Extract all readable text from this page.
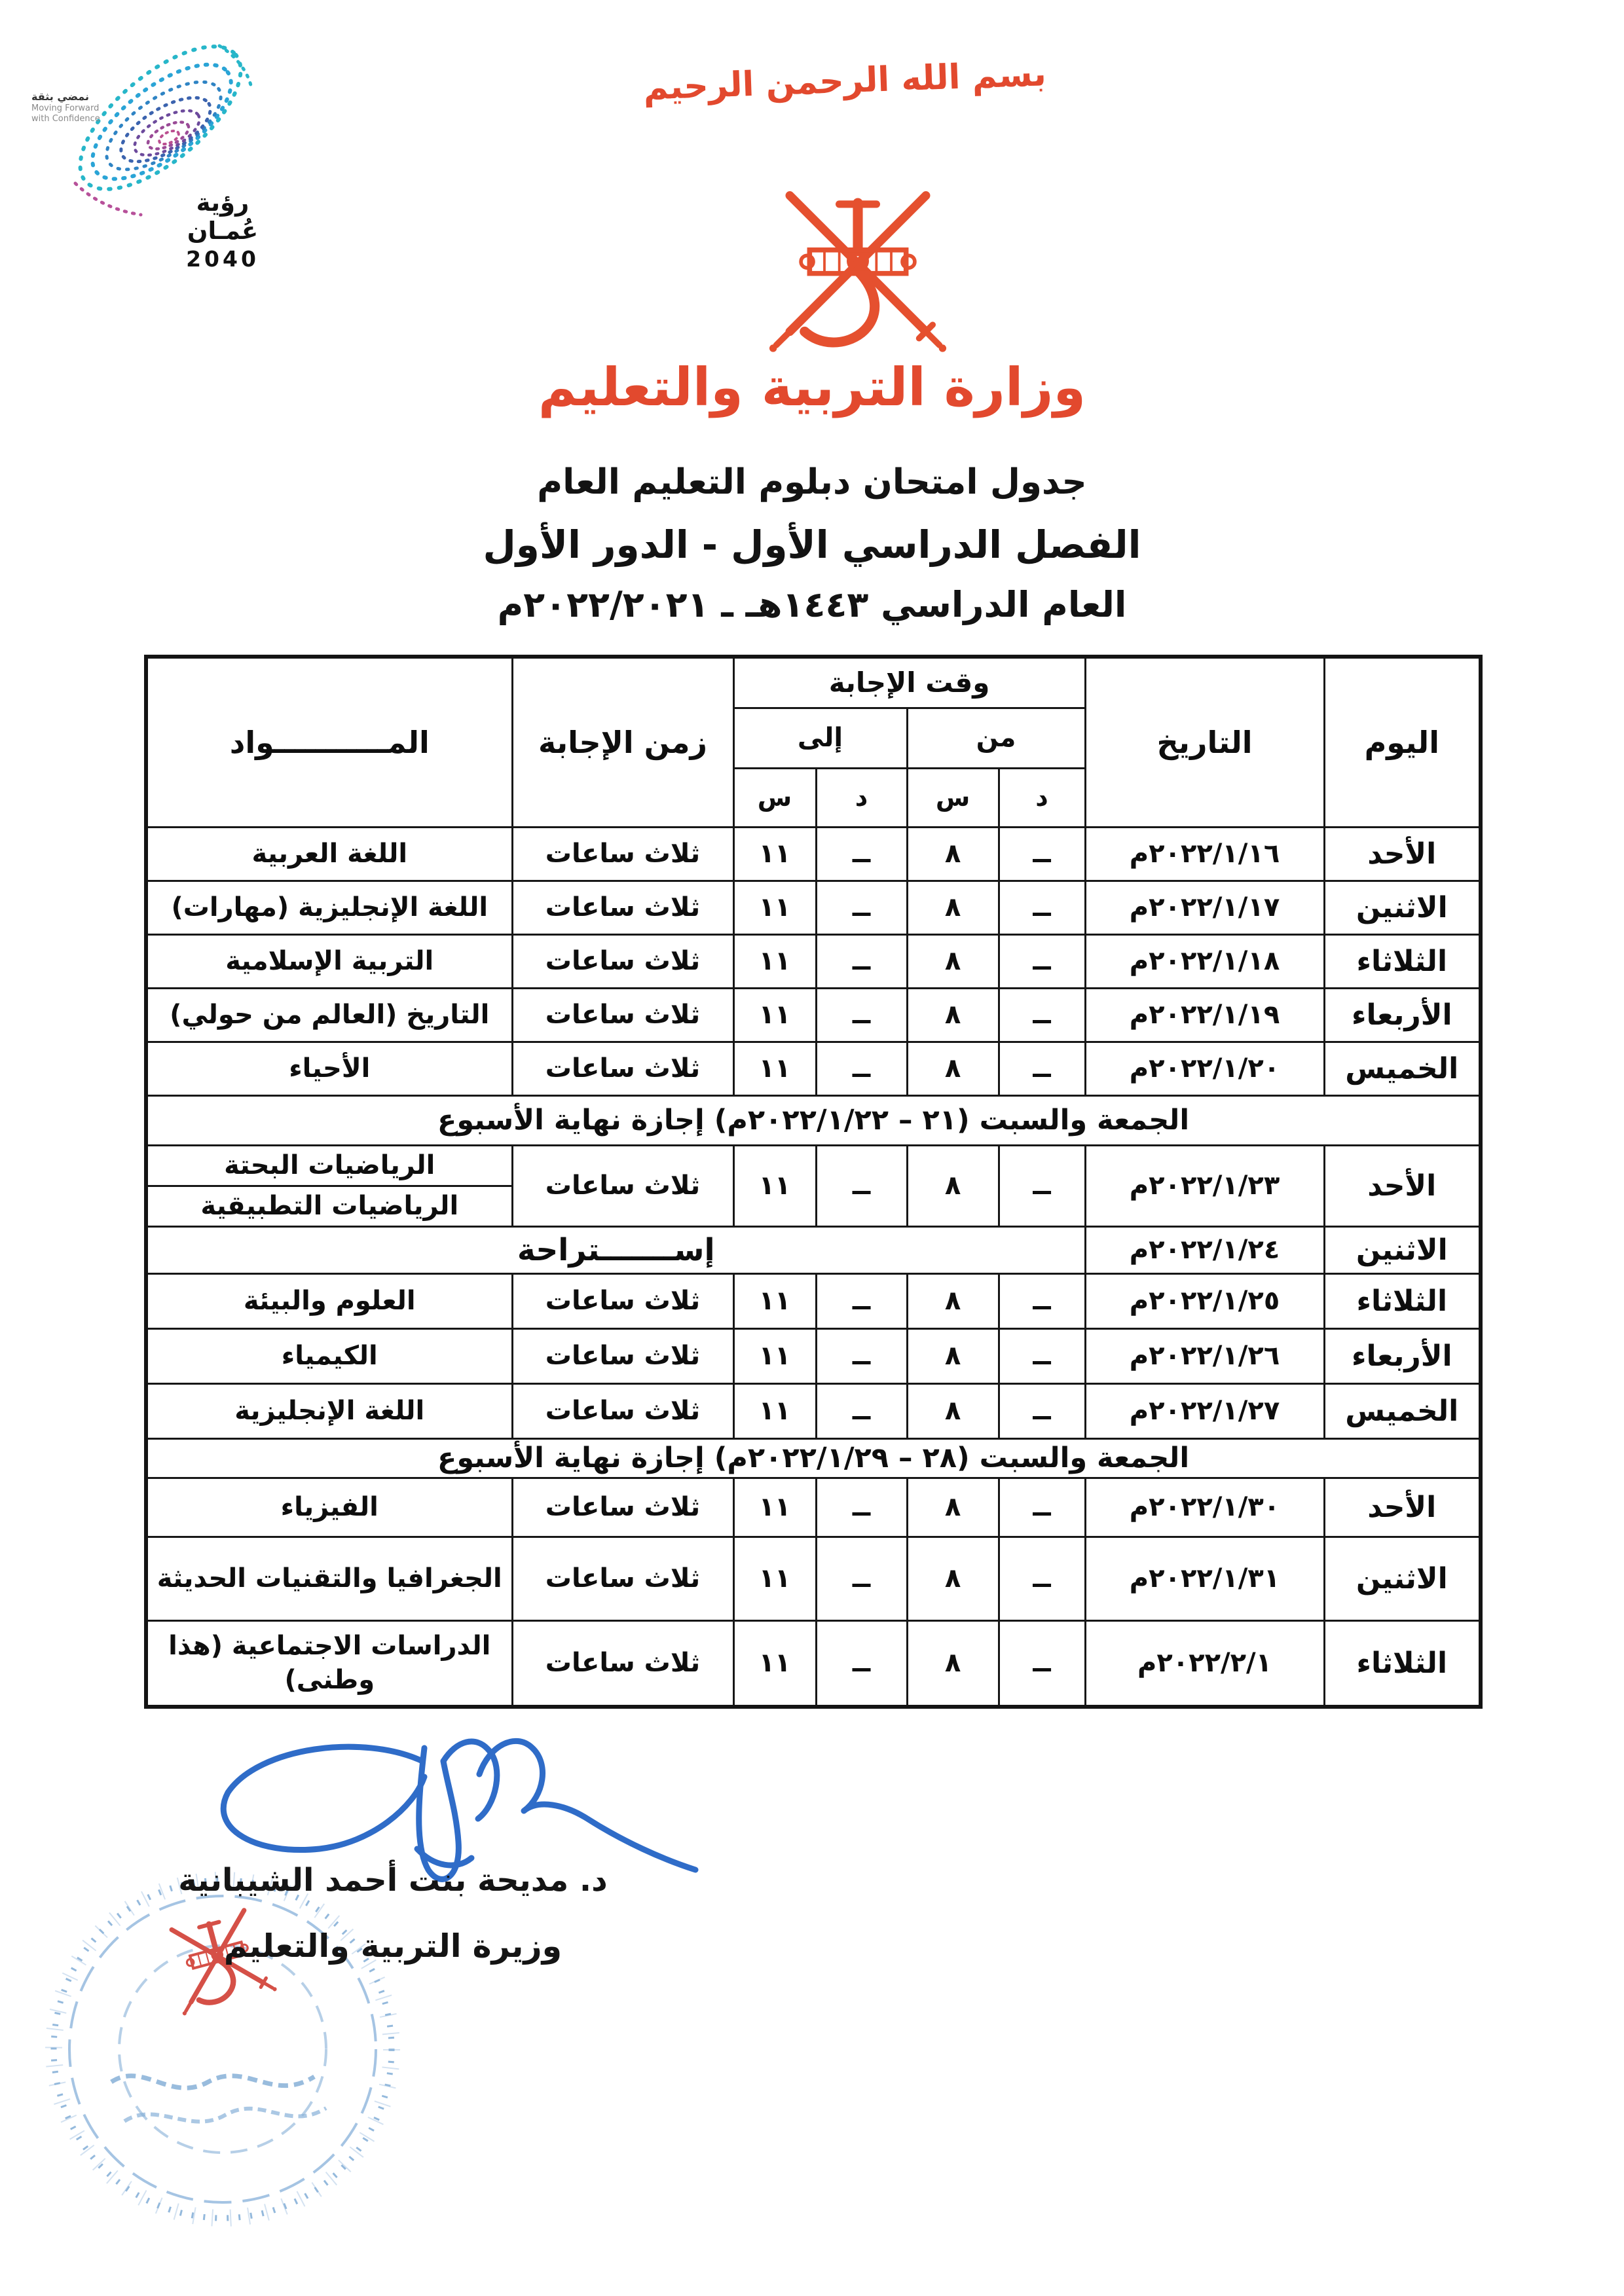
رؤية عُمـان
2040
نمضي بثقة
Moving Forward
with Confidence
بسم الله الرحمن الرحيم
وزارة التربية والتعليم
جدول امتحان دبلوم التعليم العام
الفصل الدراسي الأول - الدور الأول
العام الدراسي ١٤٤٣هـ ـ ٢٠٢٢/٢٠٢١م
اليوم	التاريخ	وقت الإجابة				زمن الإجابة	المـــــــــــواد
		من		إلى			
		د	س	د	س		
الأحد	٢٠٢٢/١/١٦م	ــ	٨	ــ	١١	ثلاث ساعات	اللغة العربية
الاثنين	٢٠٢٢/١/١٧م	ــ	٨	ــ	١١	ثلاث ساعات	اللغة الإنجليزية (مهارات)
الثلاثاء	٢٠٢٢/١/١٨م	ــ	٨	ــ	١١	ثلاث ساعات	التربية الإسلامية
الأربعاء	٢٠٢٢/١/١٩م	ــ	٨	ــ	١١	ثلاث ساعات	التاريخ (العالم من حولي)
الخميس	٢٠٢٢/١/٢٠م	ــ	٨	ــ	١١	ثلاث ساعات	الأحياء
الجمعة والسبت (٢١ – ٢٠٢٢/١/٢٢م) إجازة نهاية الأسبوع							
الأحد	٢٠٢٢/١/٢٣م	ــ	٨	ــ	١١	ثلاث ساعات	الرياضيات البحتة
							الرياضيات التطبيقية
الاثنين	٢٠٢٢/١/٢٤م	إســـــــتراحة					
الثلاثاء	٢٠٢٢/١/٢٥م	ــ	٨	ــ	١١	ثلاث ساعات	العلوم والبيئة
الأربعاء	٢٠٢٢/١/٢٦م	ــ	٨	ــ	١١	ثلاث ساعات	الكيمياء
الخميس	٢٠٢٢/١/٢٧م	ــ	٨	ــ	١١	ثلاث ساعات	اللغة الإنجليزية
الجمعة والسبت (٢٨ – ٢٠٢٢/١/٢٩م) إجازة نهاية الأسبوع							
الأحد	٢٠٢٢/١/٣٠م	ــ	٨	ــ	١١	ثلاث ساعات	الفيزياء
الاثنين	٢٠٢٢/١/٣١م	ــ	٨	ــ	١١	ثلاث ساعات	الجغرافيا والتقنيات الحديثة
الثلاثاء	٢٠٢٢/٢/١م	ــ	٨	ــ	١١	ثلاث ساعات	الدراسات الاجتماعية (هذا وطنى)
د. مديحة بنت أحمد الشيبانية
وزيرة التربية والتعليم
